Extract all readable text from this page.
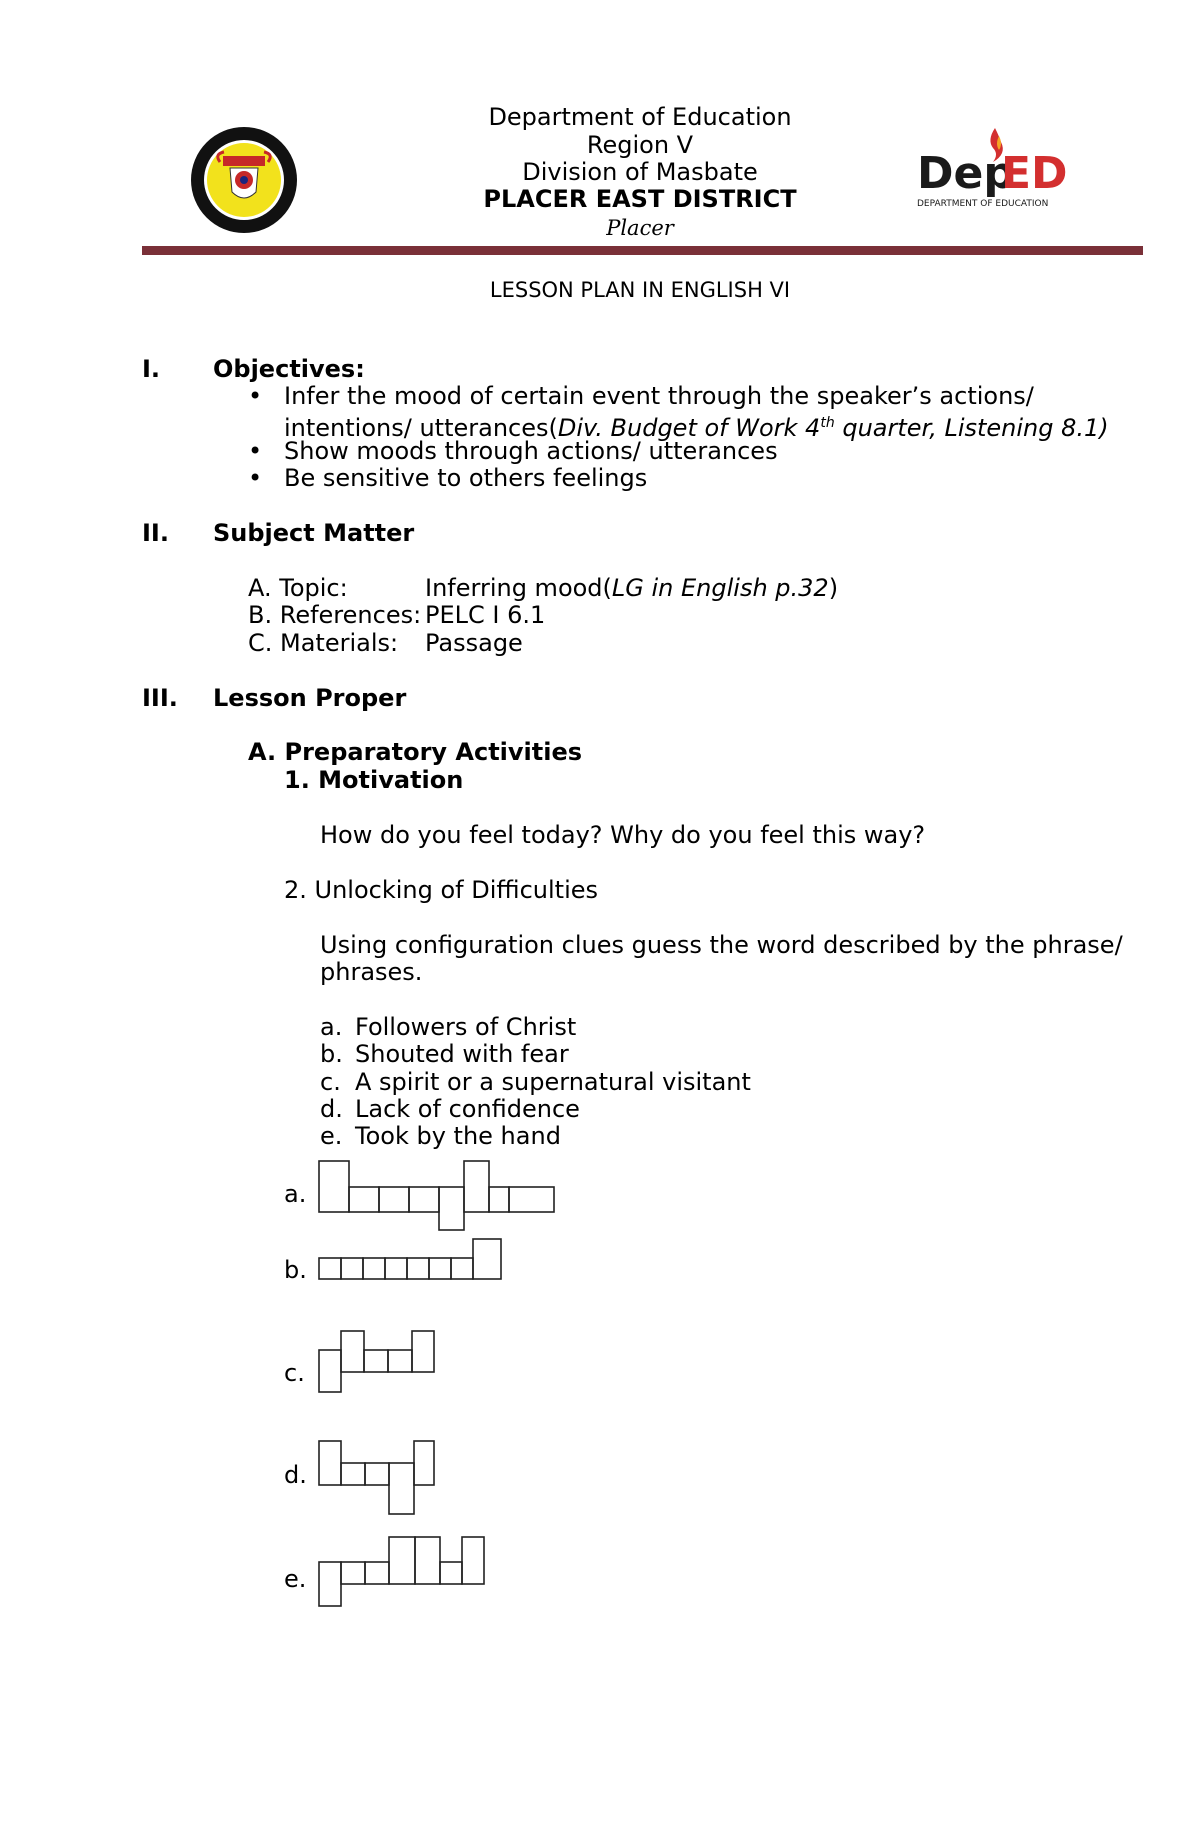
Dep
ED
DEPARTMENT OF EDUCATION
Department of Education
Region V
Division of Masbate
PLACER EAST DISTRICT
Placer
LESSON PLAN IN ENGLISH VI
I. Objectives:
• Infer the mood of certain event through the speaker’s actions/
intentions/ utterances(Div. Budget of Work 4th quarter, Listening 8.1)
• Show moods through actions/ utterances
• Be sensitive to others feelings
II. Subject Matter
A. Topic:	Inferring mood(LG in English p.32)
B. References: PELC I 6.1
C. Materials: Passage
III. Lesson Proper
A. Preparatory Activities
1. Motivation
How do you feel today? Why do you feel this way?
2. Unlocking of Difficulties
Using configuration clues guess the word described by the phrase/
phrases.
a. Followers of Christ
b. Shouted with fear
c. A spirit or a supernatural visitant
d. Lack of confidence
e. Took by the hand
a.
b.
c.
d.
e.
